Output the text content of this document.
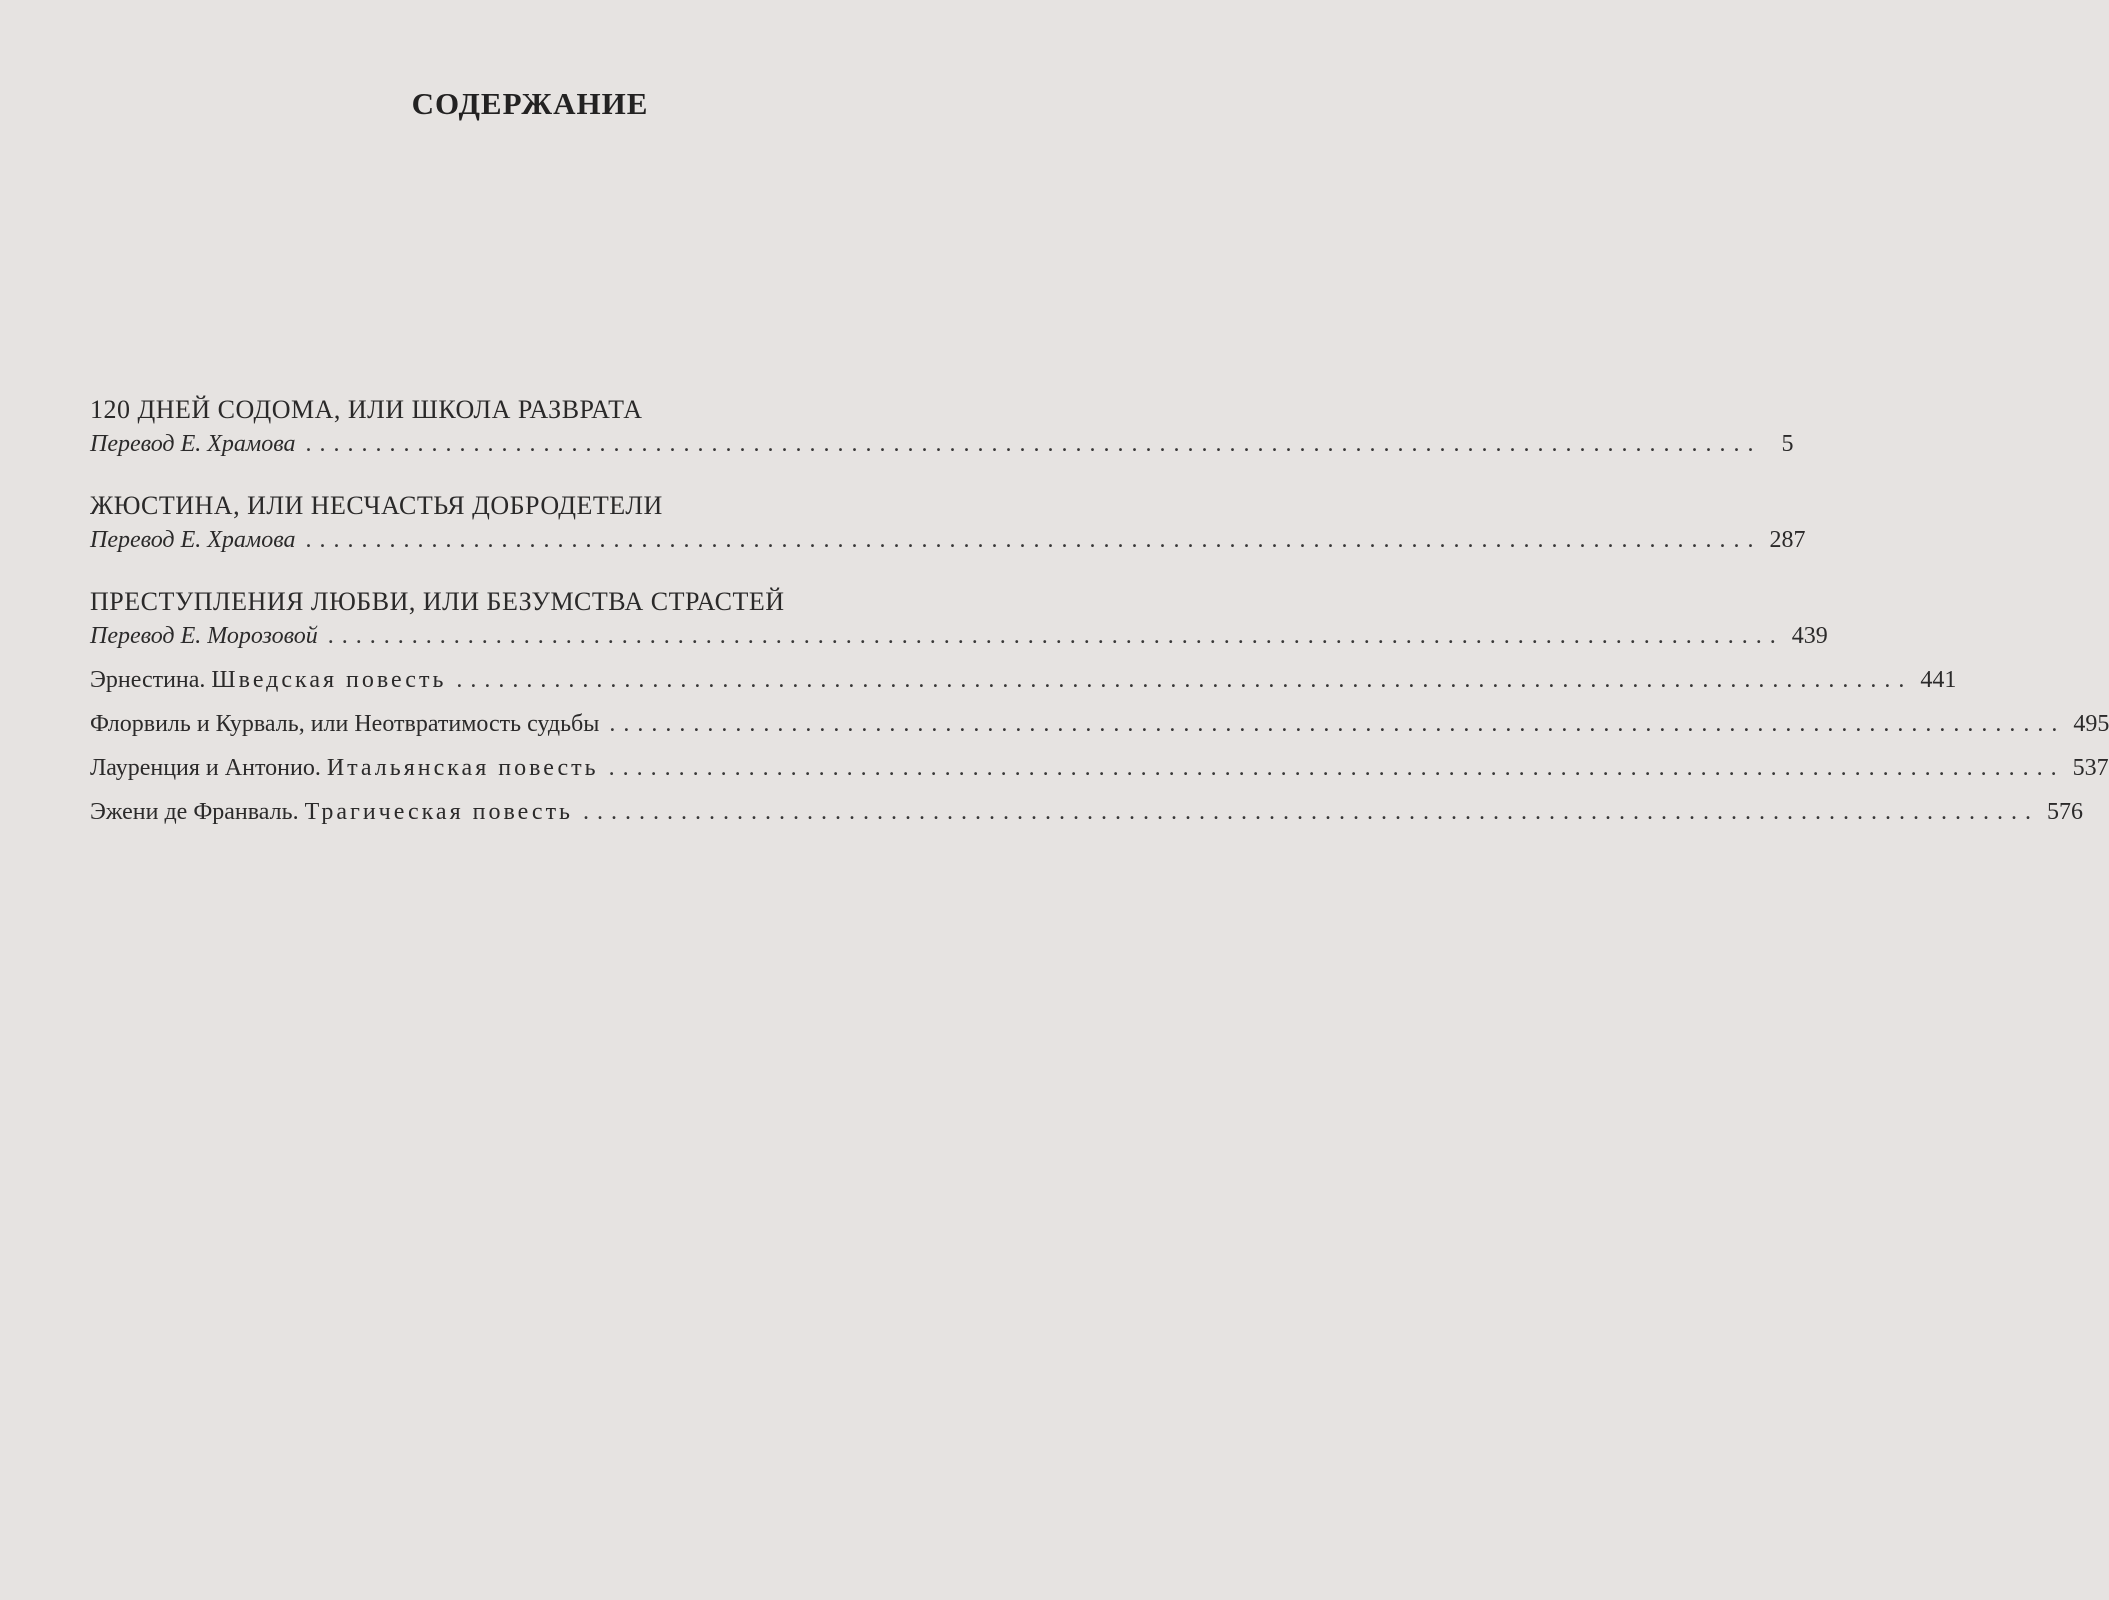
СОДЕРЖАНИЕ
120 ДНЕЙ СОДОМА, ИЛИ ШКОЛА РАЗВРАТА
Перевод Е. Храмова ........................................................................................................ 5
ЖЮСТИНА, ИЛИ НЕСЧАСТЬЯ ДОБРОДЕТЕЛИ
Перевод Е. Храмова ........................................................................................................ 287
ПРЕСТУПЛЕНИЯ ЛЮБВИ, ИЛИ БЕЗУМСТВА СТРАСТЕЙ
Перевод Е. Морозовой ........................................................................................................ 439
Эрнестина. Шведская повесть ........................................................................................................ 441
Флорвиль и Курваль, или Неотвратимость судьбы ........................................................................................................ 495
Лауренция и Антонио. Итальянская повесть ........................................................................................................ 537
Эжени де Франваль. Трагическая повесть ........................................................................................................ 576
